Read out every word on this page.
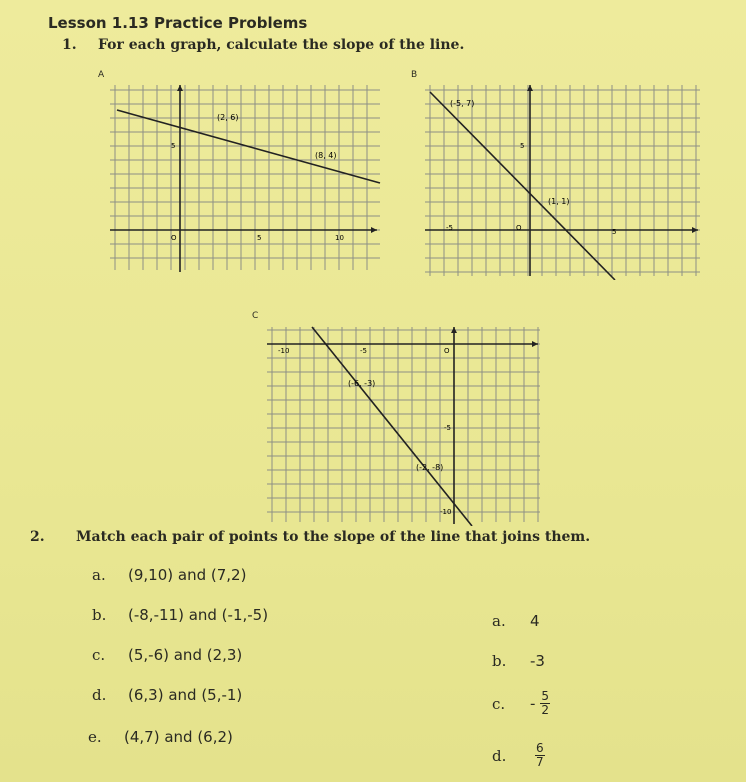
Lesson 1.13 Practice Problems
1. For each graph, calculate the slope of the line.
A
(2, 6)
(8, 4)
5
O	5	10
B
(-5, 7)
(1, 1)
5
-5	O	5
C
(-6, -3)
(-2, -8)
-10	-5	O
-5
-10
2. Match each pair of points to the slope of the line that joins them.
a. (9,10) and (7,2)
b. (-8,-11) and (-1,-5)
c. (5,-6) and (2,3)
d. (6,3) and (5,-1)
e. (4,7) and (6,2)
a. 4
b. -3
c. - $\frac{5}{2}$
d. $\frac{6}{7}$
